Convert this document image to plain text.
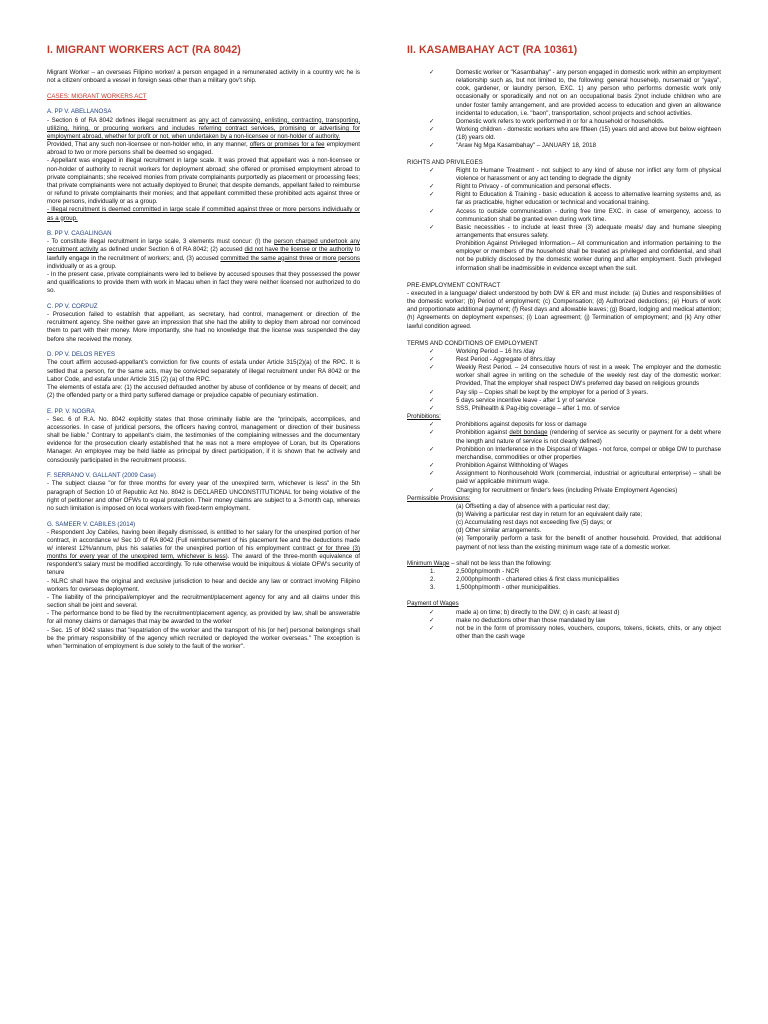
I. MIGRANT WORKERS ACT (RA 8042)
Migrant Worker – an overseas Filipino worker/ a person engaged in a remunerated activity in a country w/c he is not a citizen/ onboard a vessel in foreign seas other than a military gov’t ship.
CASES: MIGRANT WORKERS ACT
A. PP V. ABELLANOSA
- Section 6 of RA 8042 defines illegal recruitment as any act of canvassing, enlisting, contracting, transporting, utilizing, hiring, or procuring workers and includes referring contract services, promising or advertising for employment abroad, whether for profit or not, when undertaken by a non-licensee or non-holder of authority.
Provided, That any such non-licensee or non-holder who, in any manner, offers or promises for a fee employment abroad to two or more persons shall be deemed so engaged.
- Appellant was engaged in illegal recruitment in large scale. It was proved that appellant was a non-licensee or non-holder of authority to recruit workers for deployment abroad; she offered or promised employment abroad to private complainants; she received monies from private complainants purportedly as placement or processing fees; that private complainants were not actually deployed to Brunei; that despite demands, appellant failed to reimburse or refund to private complainants their monies; and that appellant committed these prohibited acts against three or more persons, individually or as a group.
- Illegal recruitment is deemed committed in large scale if committed against three or more persons individually or as a group.
B. PP V. CAGALINGAN
- To constitute illegal recruitment in large scale, 3 elements must concur: (l) the person charged undertook any recruitment activity as defined under Section 6 of RA 8042; (2) accused did not have the license or the authority to lawfully engage in the recruitment of workers; and, (3) accused committed the same against three or more persons individually or as a group.
- In the present case, private complainants were led to believe by accused spouses that they possessed the power and qualifications to provide them with work in Macau when in fact they were neither licensed nor authorized to do so.
C. PP V. CORPUZ
- Prosecution failed to establish that appellant, as secretary, had control, management or direction of the recruitment agency. She neither gave an impression that she had the ability to deploy them abroad nor convinced them to part with their money. More importantly, she had no knowledge that the license was suspended the day before she received the money.
D. PP V. DELOS REYES
The court affirm accused-appellant’s conviction for five counts of estafa under Article 315(2)(a) of the RPC. It is settled that a person, for the same acts, may be convicted separately of illegal recruitment under RA 8042 or the Labor Code, and estafa under Article 315 (2) (a) of the RPC.
The elements of estafa are: (1) the accused defrauded another by abuse of confidence or by means of deceit; and (2) the offended party or a third party suffered damage or prejudice capable of pecuniary estimation.
E. PP. V. NOGRA
- Sec. 6 of R.A. No. 8042 explicitly states that those criminally liable are the "principals, accomplices, and accessories. In case of juridical persons, the officers having control, management or direction of their business shall be liable." Contrary to appellant's claim, the testimonies of the complaining witnesses and the documentary evidence for the prosecution clearly established that he was not a mere employee of Loran, but its Operations Manager. An employee may be held liable as principal by direct participation, if it is shown that he actively and consciously participated in the recruitment process.
F. SERRANO V. GALLANT (2009 Case)
- The subject clause "or for three months for every year of the unexpired term, whichever is less" in the 5th paragraph of Section 10 of Republic Act No. 8042 is DECLARED UNCONSTITUTIONAL for being violative of the right of petitioner and other OFWs to equal protection. Their money claims are subject to a 3-month cap, whereas no such limitation is imposed on local workers with fixed-term employment.
G. SAMEER V. CABILES (2014)
- Respondent Joy Cabiles, having been illegally dismissed, is entitled to her salary for the unexpired portion of her contract, in accordance w/ Sec 10 of RA 8042 (Full reimbursement of his placement fee and the deductions made w/ interest 12%/annum, plus his salaries for the unexpired portion of his employment contract or for three (3) months for every year of the unexpired term, whichever is less). The award of the three-month equivalence of respondent's salary must be modified accordingly. To rule otherwise would be iniquitous & violate OFW's security of tenure
- NLRC shall have the original and exclusive jurisdiction to hear and decide any law or contract involving Filipino workers for overseas deployment.
- The liability of the principal/employer and the recruitment/placement agency for any and all claims under this section shall be joint and several.
- The performance bond to be filed by the recruitment/placement agency, as provided by law, shall be answerable for all money claims or damages that may be awarded to the worker
- Sec. 15 of 8042 states that "repatriation of the worker and the transport of his [or her] personal belongings shall be the primary responsibility of the agency which recruited or deployed the worker overseas." The exception is when "termination of employment is due solely to the fault of the worker".
II. KASAMBAHAY ACT (RA 10361)
✓ Domestic worker or "Kasambahay" - any person engaged in domestic work within an employment relationship such as, but not limited to, the following: general househelp, nursemaid or "yaya", cook, gardener, or laundry person, EXC. 1) any person who performs domestic work only occasionally or sporadically and not on an occupational basis 2)not include children who are under foster family arrangement, and are provided access to education and given an allowance incidental to education, i.e. "baon", transportation, school projects and school activities.
✓ Domestic work refers to work performed in or for a household or households.
✓ Working children - domestic workers who are fifteen (15) years old and above but below eighteen (18) years old.
✓ "Araw Ng Mga Kasambahay" – JANUARY 18, 2018
RIGHTS AND PRIVILEGES
✓ Right to Humane Treatment - not subject to any kind of abuse nor inflict any form of physical violence or harassment or any act tending to degrade the dignity
✓ Right to Privacy - of communication and personal effects.
✓ Right to Education & Training - basic education & access to alternative learning systems and, as far as practicable, higher education or technical and vocational training.
✓ Access to outside communication - during free time EXC. in case of emergency, access to communication shall be granted even during work time.
✓ Basic necessities - to include at least three (3) adequate meals/ day and humane sleeping arrangements that ensures safety.
Prohibition Against Privileged Information.– All communication and information pertaining to the employer or members of the household shall be treated as privileged and confidential, and shall not be publicly disclosed by the domestic worker during and after employment. Such privileged information shall be inadmissible in evidence except when the suit.
PRE-EMPLOYMENT CONTRACT
- executed in a language/ dialect understood by both DW & ER and must include: (a) Duties and responsibilities of the domestic worker; (b) Period of employment; (c) Compensation; (d) Authorized deductions; (e) Hours of work and proportionate additional payment; (f) Rest days and allowable leaves; (g) Board, lodging and medical attention; (h) Agreements on deployment expenses; (i) Loan agreement; (j) Termination of employment; and (k) Any other lawful condition agreed.
TERMS AND CONDITIONS OF EMPLOYMENT
✓ Working Period – 16 hrs /day
✓ Rest Period - Aggregate of 8hrs./day
✓ Weekly Rest Period. – 24 consecutive hours of rest in a week. The employer and the domestic worker shall agree in writing on the schedule of the weekly rest day of the domestic worker: Provided, That the employer shall respect DW's preferred day based on religious grounds
✓ Pay slip – Copies shall be kept by the employer for a period of 3 years.
✓ 5 days service incentive leave - after 1 yr of service
✓ SSS, Philhealth & Pag-ibig coverage – after 1 mo. of service
Prohibitions:
✓ Prohibitions against deposits for loss or damage
✓ Prohibition against debt bondage (rendering of service as security or payment for a debt where the length and nature of service is not clearly defined)
✓ Prohibition on Interference in the Disposal of Wages - not force, compel or oblige DW to purchase merchandise, commodities or other properties
✓ Prohibition Against Withholding of Wages
✓ Assignment to Nonhousehold Work (commercial, industrial or agricultural enterprise) – shall be paid w/ applicable minimum wage.
✓ Charging for recruitment or finder's fees (including Private Employment Agencies)
Permissible Provisions:
(a) Offsetting a day of absence with a particular rest day;
(b) Waiving a particular rest day in return for an equivalent daily rate;
(c) Accumulating rest days not exceeding five (5) days; or
(d) Other similar arrangements.
(e) Temporarily perform a task for the benefit of another household. Provided, that additional payment of not less than the existing minimum wage rate of a domestic worker.
Minimum Wage – shall not be less than the following:
1.	2,500php/month - NCR
2.	2,000php/month - chartered cities & first class municipalities
3.	1,500php/month - other municipalities.
Payment of Wages
✓ made a) on time; b) directly to the DW; c) in cash; at least d)
✓ make no deductions other than those mandated by law
✓ not be in the form of promissory notes, vouchers, coupons, tokens, tickets, chits, or any object other than the cash wage
